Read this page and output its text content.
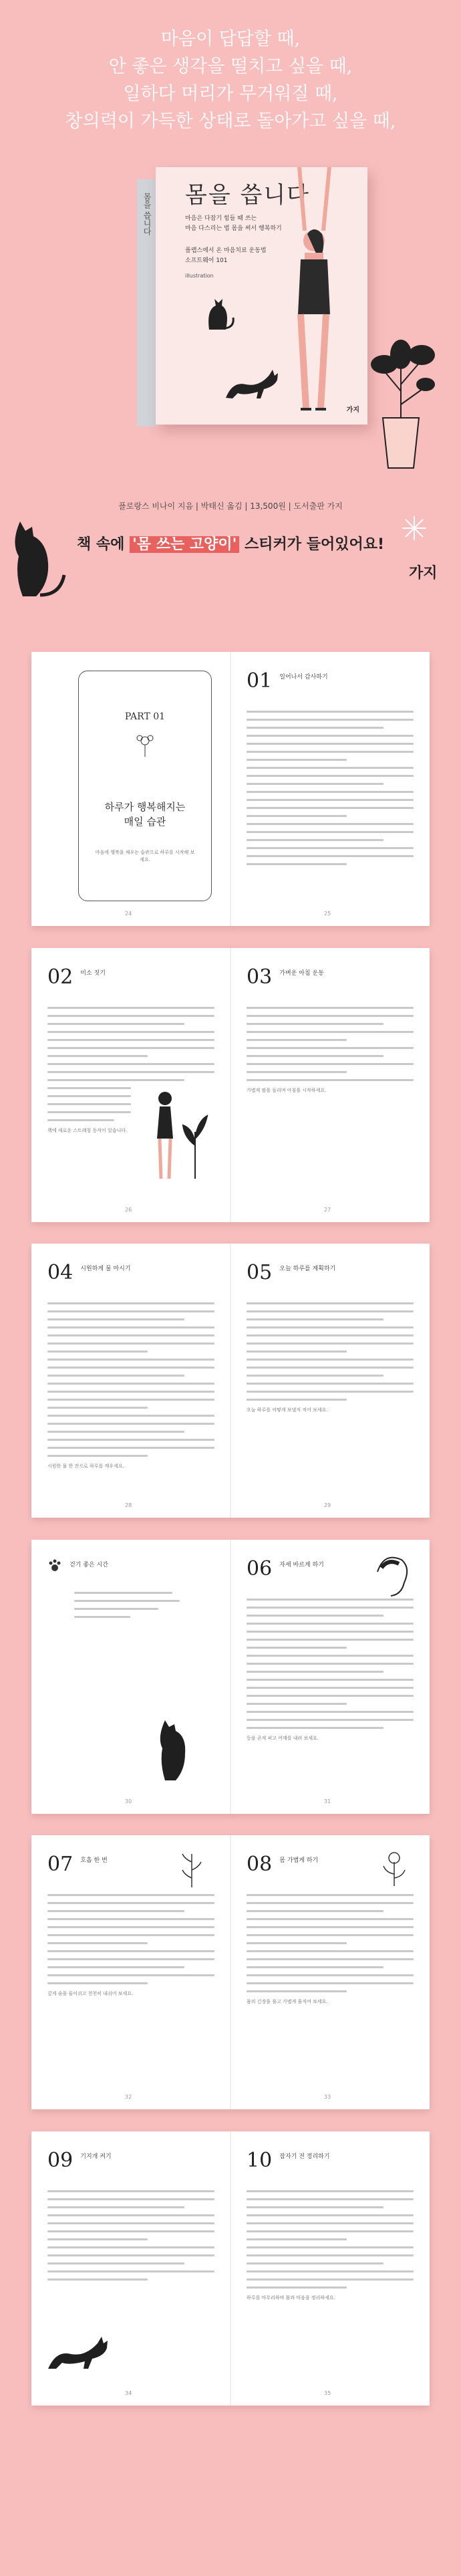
마음이 답답할 때,
안 좋은 생각을 떨치고 싶을 때,
일하다 머리가 무거워질 때,
창의력이 가득한 상태로 돌아가고 싶을 때,
몸을 씁니다 몸을 씁니다
마음은 다잡기 힘들 때 쓰는
마음 다스리는 법 몸을 써서 행복하기
플랩스에서 온 마음치료 운동법
소프트웨어 101
illustration
가지
플로랑스 비나이 지음 | 박태신 옮김 | 13,500원 | 도서출판 가지
책 속에 '몸 쓰는 고양이' 스티커가 들어있어요!
가지
PART 01
하루가 행복해지는
매일 습관
마음에 행복을 채우는 습관으로 하루를 시작해 보세요.
24
01 일어나서 감사하기
25
02 미소 짓기
책에 새로운 스트레칭 동작이 있습니다.
26
03 가벼운 아침 운동
가볍게 팔을 돌리며 아침을 시작하세요.
27
04 시원하게 물 마시기
시원한 물 한 잔으로 하루를 깨우세요.
28
05 오늘 하루를 계획하기
오늘 하루를 어떻게 보낼지 적어 보세요.
29
걷기 좋은 시간
30
06 자세 바르게 하기
등을 곧게 펴고 어깨를 내려 보세요.
31
07 호흡 한 번
깊게 숨을 들이쉬고 천천히 내쉬어 보세요.
32
08 몸 가볍게 하기
몸의 긴장을 풀고 가볍게 움직여 보세요.
33
09 기지개 켜기
34
10 잠자기 전 정리하기
하루를 마무리하며 몸과 마음을 정리하세요.
35
